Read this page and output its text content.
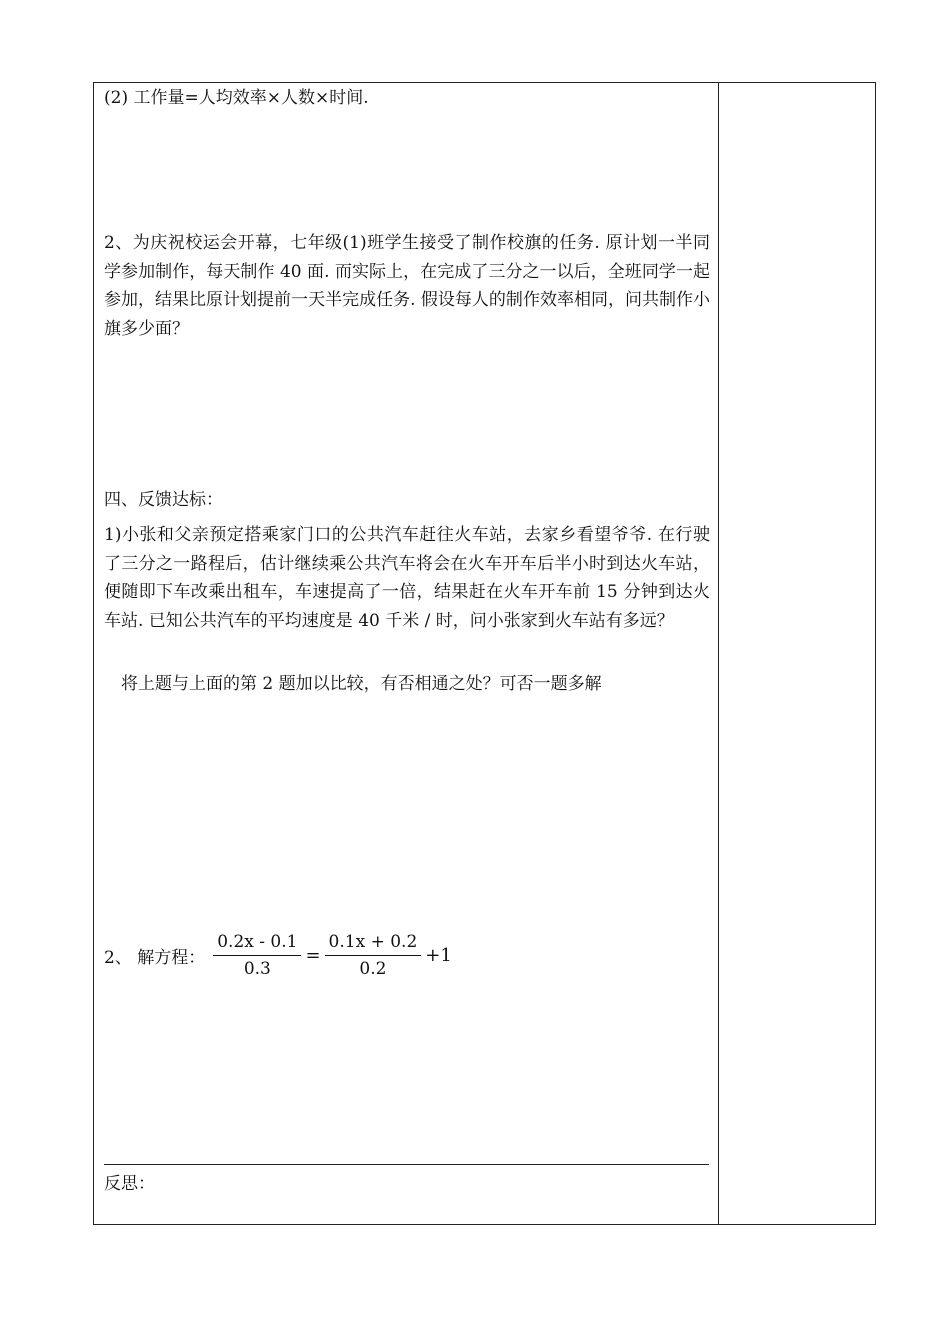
(2) 工作量=人均效率×人数×时间.
2、为庆祝校运会开幕，七年级(1)班学生接受了制作校旗的任务. 原计划一半同学参加制作，每天制作 40 面. 而实际上，在完成了三分之一以后，全班同学一起参加，结果比原计划提前一天半完成任务. 假设每人的制作效率相同，问共制作小旗多少面？
四、反馈达标：
1)小张和父亲预定搭乘家门口的公共汽车赶往火车站，去家乡看望爷爷. 在行驶了三分之一路程后，估计继续乘公共汽车将会在火车开车后半小时到达火车站，便随即下车改乘出租车，车速提高了一倍，结果赶在火车开车前 15 分钟到达火车站. 已知公共汽车的平均速度是 40 千米 / 时，问小张家到火车站有多远？
将上题与上面的第 2 题加以比较，有否相通之处？可否一题多解
2、 解方程： $\frac{0.2x - 0.1}{0.3} = \frac{0.1x + 0.2}{0.2} +1$
反思：
